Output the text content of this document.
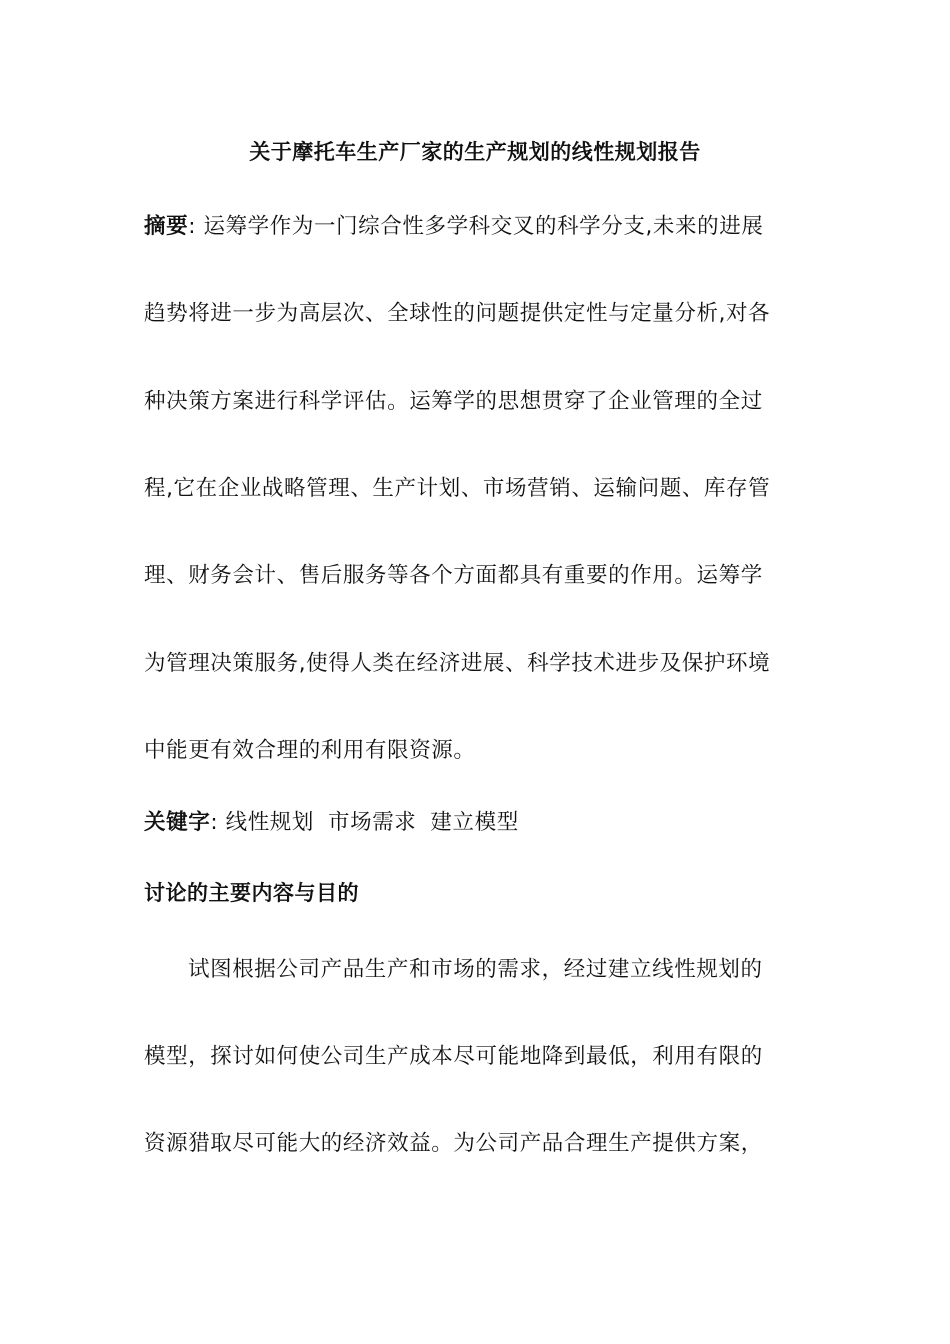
关于摩托车生产厂家的生产规划的线性规划报告

摘要: 运筹学作为一门综合性多学科交叉的科学分支,未来的进展

趋势将进一步为高层次、全球性的问题提供定性与定量分析,对各

种决策方案进行科学评估。运筹学的思想贯穿了企业管理的全过

程,它在企业战略管理、生产计划、市场营销、运输问题、库存管

理、财务会计、售后服务等各个方面都具有重要的作用。运筹学

为管理决策服务,使得人类在经济进展、科学技术进步及保护环境

中能更有效合理的利用有限资源。

关键字: 线性规划 市场需求 建立模型

试图根据公司产品生产和市场的需求，经过建立线性规划的

模型，探讨如何使公司生产成本尽可能地降到最低，利用有限的

资源猎取尽可能大的经济效益。为公司产品合理生产提供方案，

讨论的主要内容与目的
